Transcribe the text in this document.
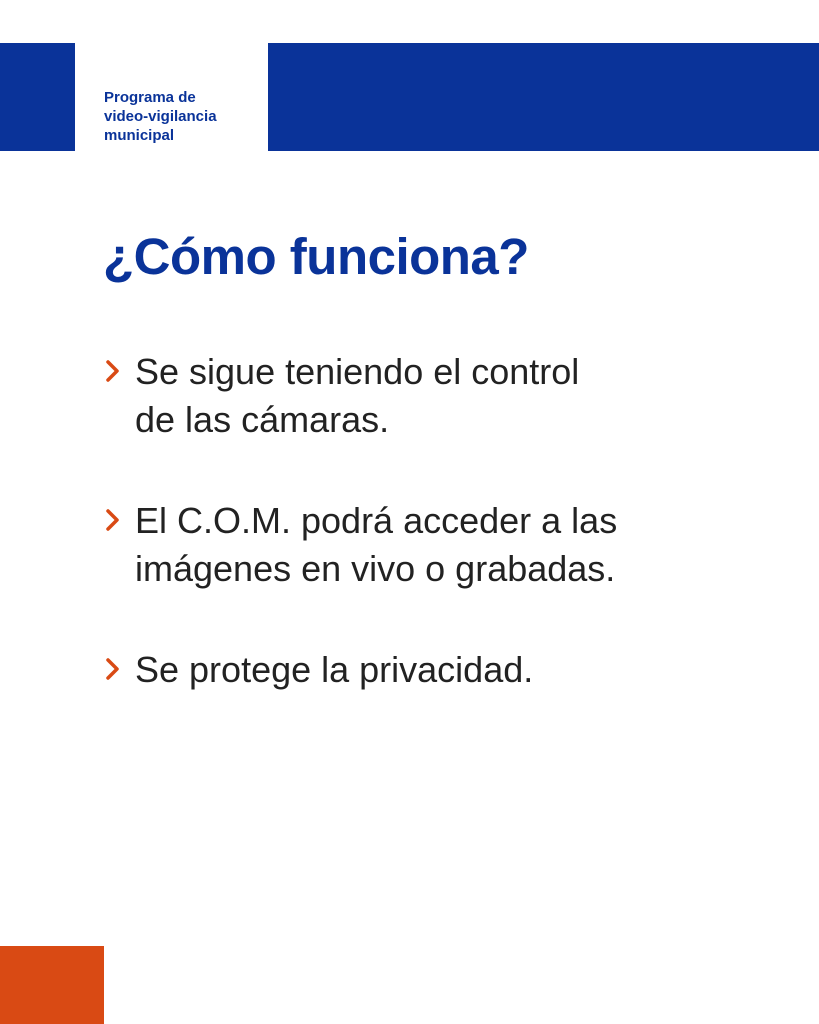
Programa de
video-vigilancia
municipal

¿Cómo funciona?
Se sigue teniendo el control
de las cámaras.
El C.O.M. podrá acceder a las
imágenes en vivo o grabadas.
Se protege la privacidad.
